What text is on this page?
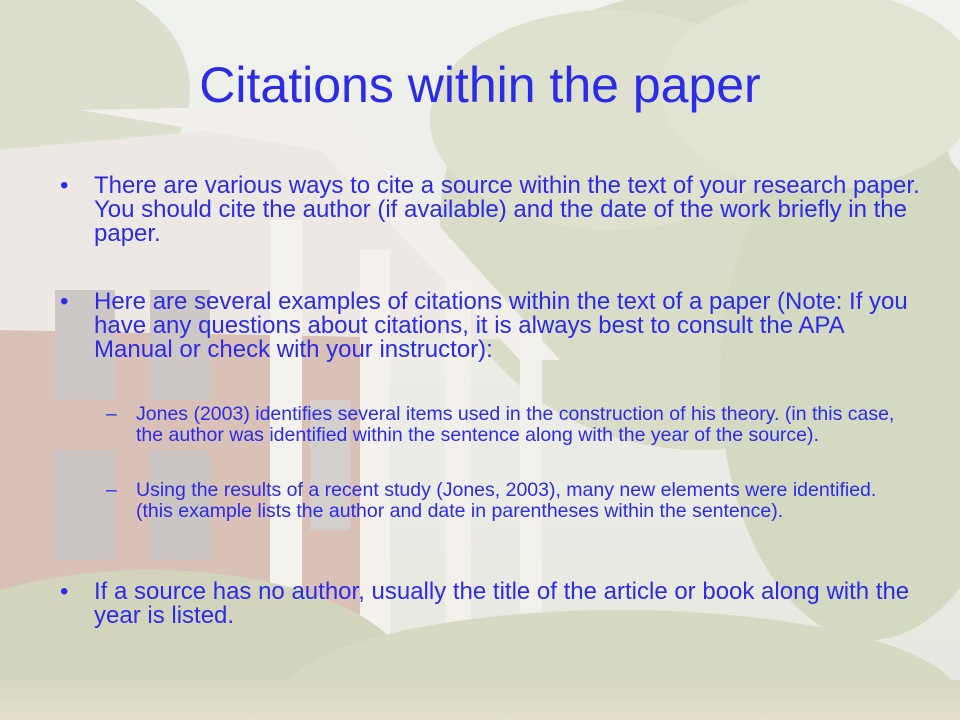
Citations within the paper
• There are various ways to cite a source within the text of your research paper. You should cite the author (if available) and the date of the work briefly in the paper.
• Here are several examples of citations within the text of a paper (Note: If you have any questions about citations, it is always best to consult the APA Manual or check with your instructor):
– Jones (2003) identifies several items used in the construction of his theory. (in this case, the author was identified within the sentence along with the year of the source).
– Using the results of a recent study (Jones, 2003), many new elements were identified. (this example lists the author and date in parentheses within the sentence).
• If a source has no author, usually the title of the article or book along with the year is listed.
